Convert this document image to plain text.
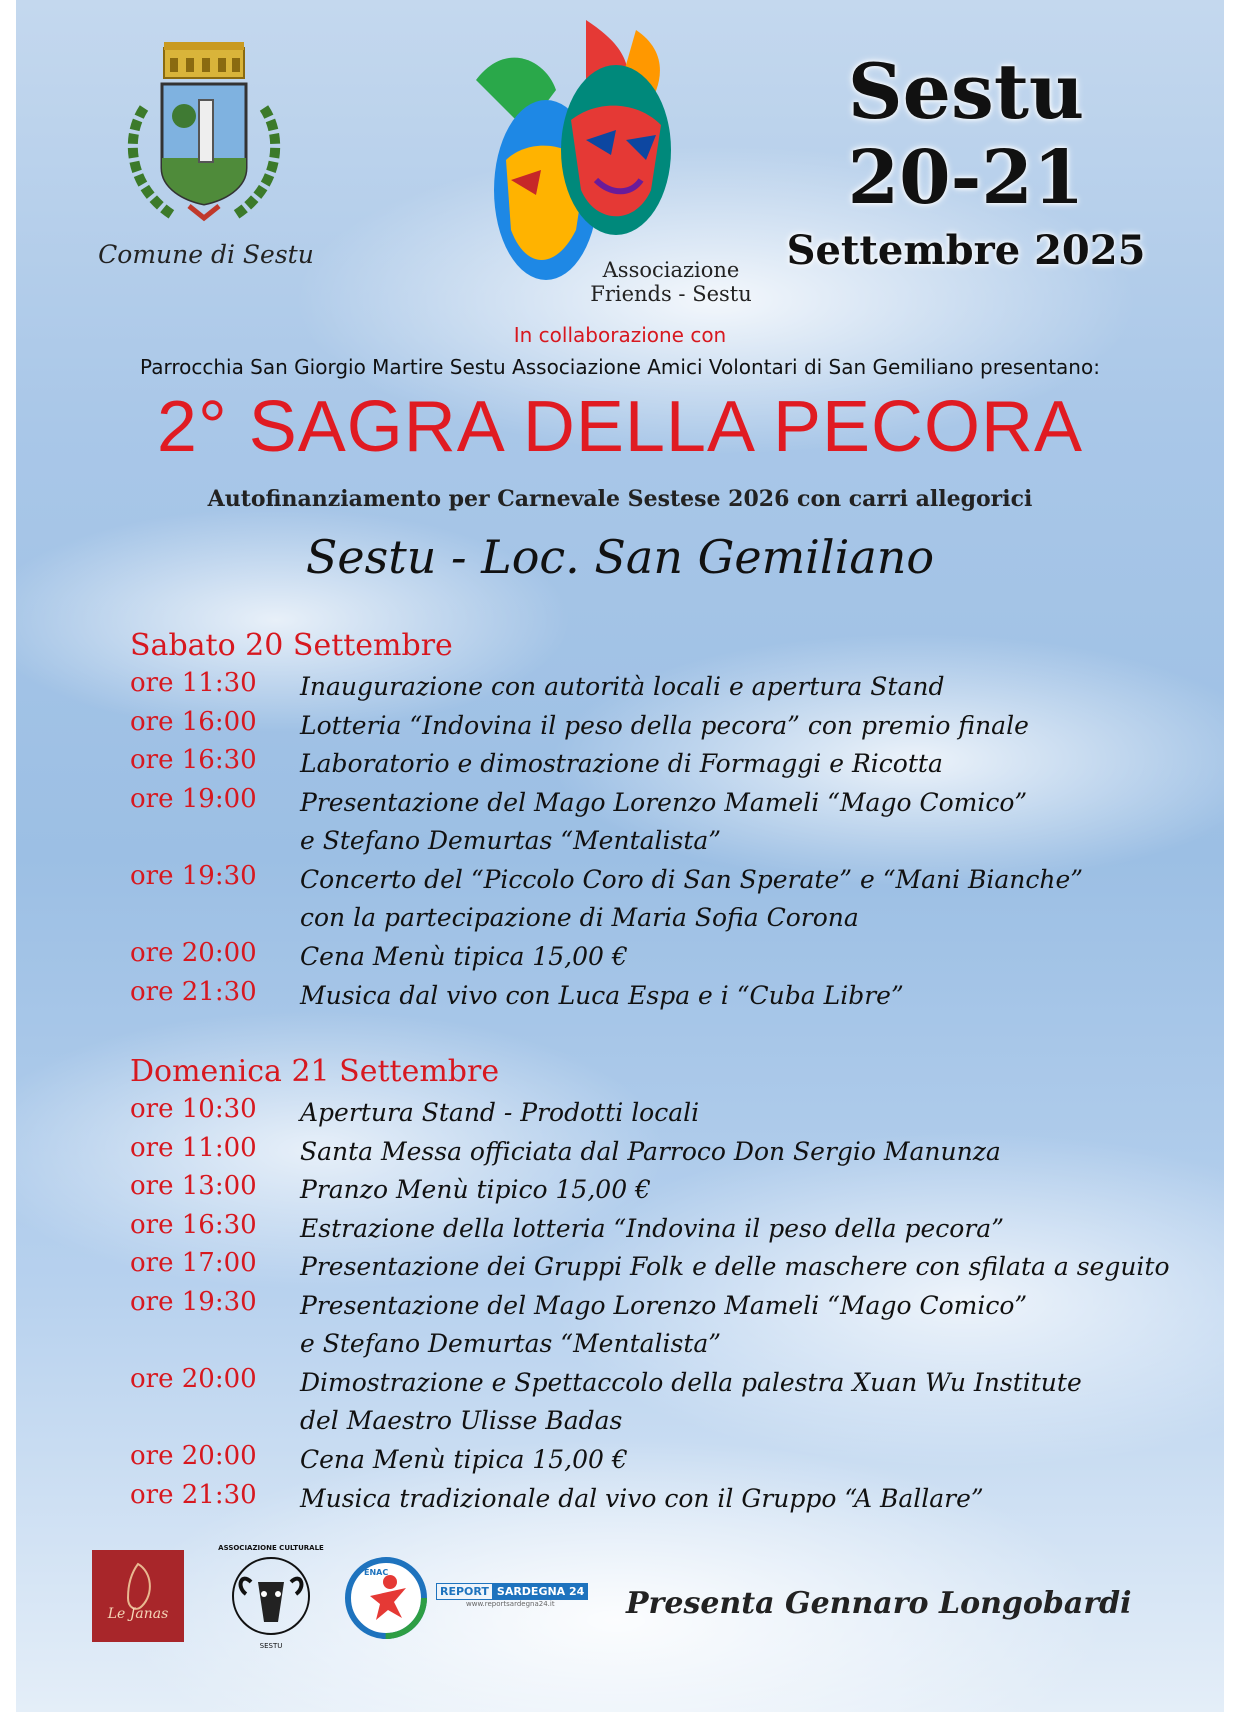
Comune di Sestu
Associazione
Friends - Sestu
Sestu
20-21
Settembre 2025
In collaborazione con
Parrocchia San Giorgio Martire Sestu Associazione Amici Volontari di San Gemiliano presentano:
2° SAGRA DELLA PECORA
Autofinanziamento per Carnevale Sestese 2026 con carri allegorici
Sestu - Loc. San Gemiliano
Sabato 20 Settembre
ore 11:30	Inaugurazione con autorità locali e apertura Stand
ore 16:00	Lotteria “Indovina il peso della pecora” con premio finale
ore 16:30	Laboratorio e dimostrazione di Formaggi e Ricotta
ore 19:00	Presentazione del Mago Lorenzo Mameli “Mago Comico”
e Stefano Demurtas “Mentalista”
ore 19:30	Concerto del “Piccolo Coro di San Sperate” e “Mani Bianche”
con la partecipazione di Maria Sofia Corona
ore 20:00	Cena Menù tipica 15,00 €
ore 21:30	Musica dal vivo con Luca Espa e i “Cuba Libre”
Domenica 21 Settembre
ore 10:30	Apertura Stand - Prodotti locali
ore 11:00	Santa Messa officiata dal Parroco Don Sergio Manunza
ore 13:00	Pranzo Menù tipico 15,00 €
ore 16:30	Estrazione della lotteria “Indovina il peso della pecora”
ore 17:00	Presentazione dei Gruppi Folk e delle maschere con sfilata a seguito
ore 19:30	Presentazione del Mago Lorenzo Mameli “Mago Comico”
e Stefano Demurtas “Mentalista”
ore 20:00	Dimostrazione e Spettaccolo della palestra Xuan Wu Institute
del Maestro Ulisse Badas
ore 20:00	Cena Menù tipica 15,00 €
ore 21:30	Musica tradizionale dal vivo con il Gruppo “A Ballare”
Le Janas
ASSOCIAZIONE CULTURALE
SESTU
ENAC
REPORT SARDEGNA 24
www.reportsardegna24.it	Presenta Gennaro Longobardi
